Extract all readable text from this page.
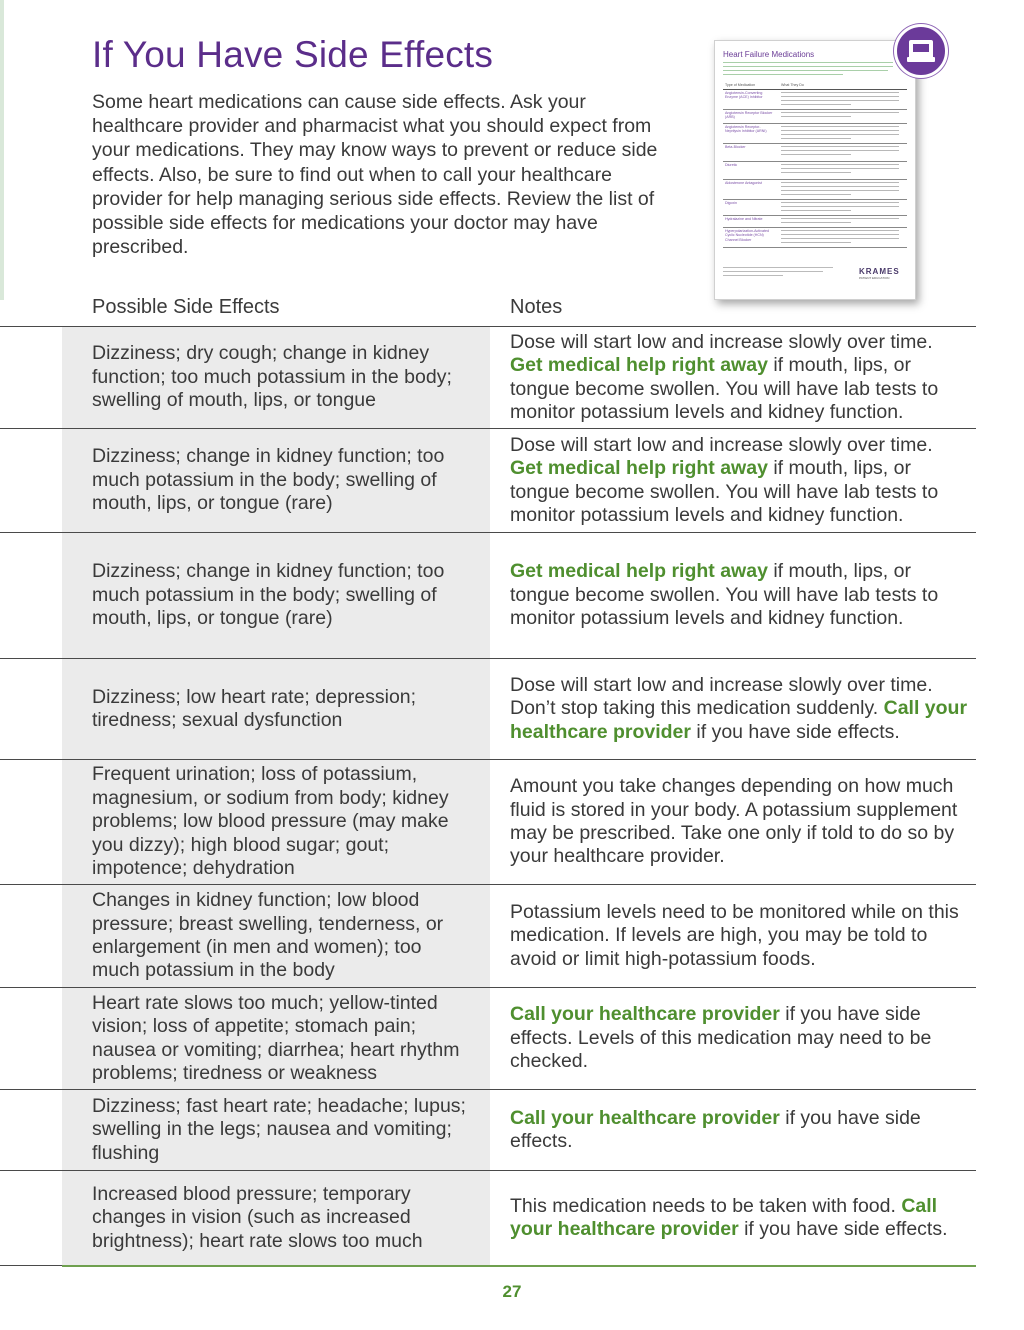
If You Have Side Effects

Some heart medications can cause side effects. Ask your healthcare provider and pharmacist what you should expect from your medications. They may know ways to prevent or reduce side effects. Also, be sure to find out when to call your healthcare provider for help managing serious side effects. Review the list of possible side effects for medications your doctor may have prescribed.

Heart Failure Medications
Type of Medication	What They Do
Angiotensin-Converting Enzyme (ACE) Inhibitor
Angiotensin Receptor Blocker (ARB)
Angiotensin Receptor-Neprilysin Inhibitor (ARNI)
Beta-Blocker
Diuretic
Aldosterone Antagonist
Digoxin
Hydralazine and Nitrate
Hyperpolarization-Activated Cyclic Nucleotide (HCN) Channel Blocker
KRAMES
PATIENT EDUCATION
Possible Side Effects	Notes

Dizziness; dry cough; change in kidney function; too much potassium in the body; swelling of mouth, lips, or tongue

Dose will start low and increase slowly over time. Get medical help right away if mouth, lips, or tongue become swollen. You will have lab tests to monitor potassium levels and kidney function.

Dizziness; change in kidney function; too much potassium in the body; swelling of mouth, lips, or tongue (rare)

Dose will start low and increase slowly over time. Get medical help right away if mouth, lips, or tongue become swollen. You will have lab tests to monitor potassium levels and kidney function.

Dizziness; change in kidney function; too much potassium in the body; swelling of mouth, lips, or tongue (rare)

Get medical help right away if mouth, lips, or tongue become swollen. You will have lab tests to monitor potassium levels and kidney function.

Dizziness; low heart rate; depression; tiredness; sexual dysfunction

Dose will start low and increase slowly over time. Don’t stop taking this medication suddenly. Call your healthcare provider if you have side effects.

Frequent urination; loss of potassium, magnesium, or sodium from body; kidney problems; low blood pressure (may make you dizzy); high blood sugar; gout; impotence; dehydration

Amount you take changes depending on how much fluid is stored in your body. A potassium supplement may be prescribed. Take one only if told to do so by your healthcare provider.

Changes in kidney function; low blood pressure; breast swelling, tenderness, or enlargement (in men and women); too much potassium in the body

Potassium levels need to be monitored while on this medication. If levels are high, you may be told to avoid or limit high-potassium foods.

Heart rate slows too much; yellow-tinted vision; loss of appetite; stomach pain; nausea or vomiting; diarrhea; heart rhythm problems; tiredness or weakness

Call your healthcare provider if you have side effects. Levels of this medication may need to be checked.

Dizziness; fast heart rate; headache; lupus; swelling in the legs; nausea and vomiting; flushing

Call your healthcare provider if you have side effects.

Increased blood pressure; temporary changes in vision (such as increased brightness); heart rate slows too much

This medication needs to be taken with food. Call your healthcare provider if you have side effects.

27
